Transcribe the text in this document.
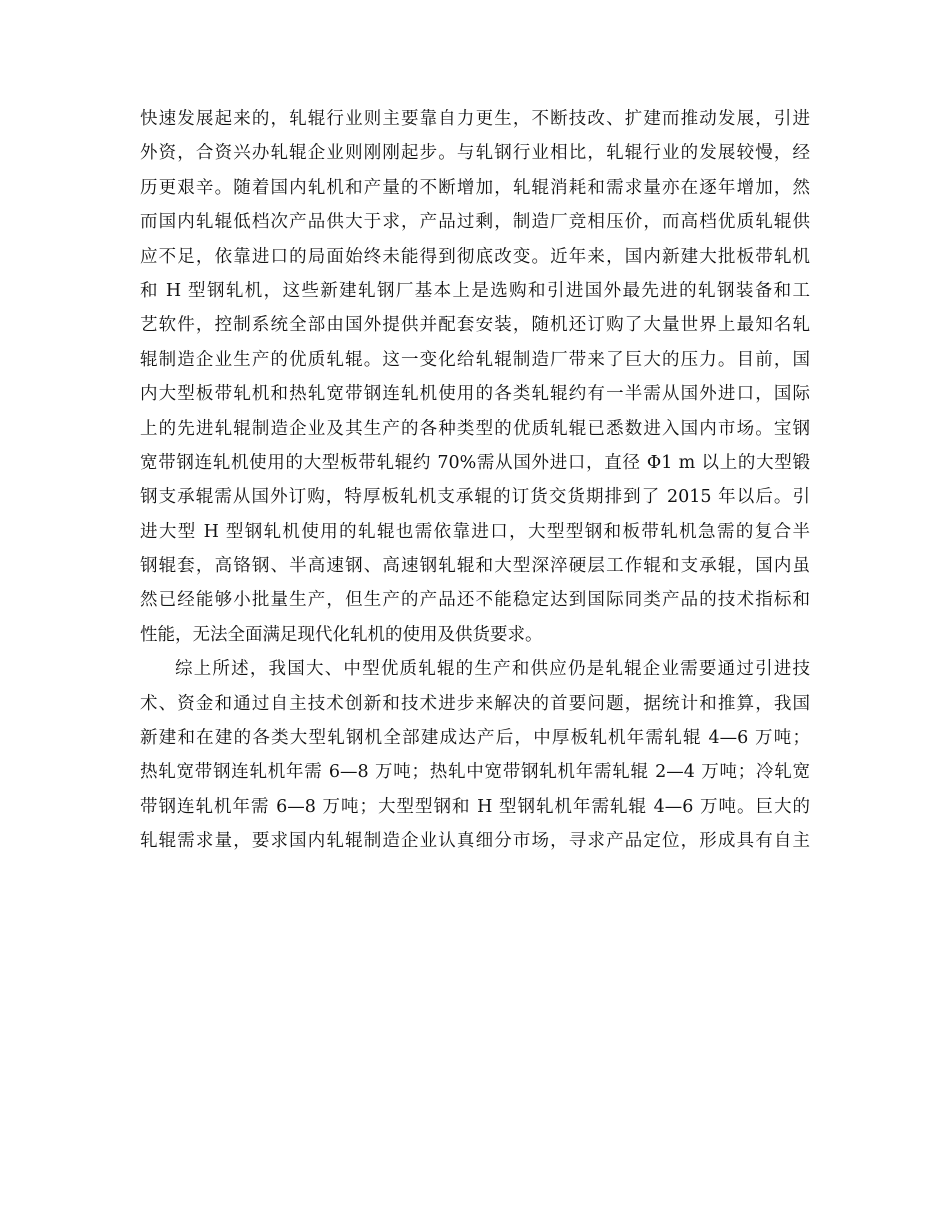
快速发展起来的，轧辊行业则主要靠自力更生，不断技改、扩建而推动发展，引进
外资，合资兴办轧辊企业则刚刚起步。与轧钢行业相比，轧辊行业的发展较慢，经
历更艰辛。随着国内轧机和产量的不断增加，轧辊消耗和需求量亦在逐年增加，然
而国内轧辊低档次产品供大于求，产品过剩，制造厂竞相压价，而高档优质轧辊供
应不足，依靠进口的局面始终未能得到彻底改变。近年来，国内新建大批板带轧机
和 H 型钢轧机，这些新建轧钢厂基本上是选购和引进国外最先进的轧钢装备和工
艺软件，控制系统全部由国外提供并配套安装，随机还订购了大量世界上最知名轧
辊制造企业生产的优质轧辊。这一变化给轧辊制造厂带来了巨大的压力。目前，国
内大型板带轧机和热轧宽带钢连轧机使用的各类轧辊约有一半需从国外进口，国际
上的先进轧辊制造企业及其生产的各种类型的优质轧辊已悉数进入国内市场。宝钢
宽带钢连轧机使用的大型板带轧辊约 70%需从国外进口，直径 Φ1 m 以上的大型锻
钢支承辊需从国外订购，特厚板轧机支承辊的订货交货期排到了 2015 年以后。引
进大型 H 型钢轧机使用的轧辊也需依靠进口，大型型钢和板带轧机急需的复合半
钢辊套，高铬钢、半高速钢、高速钢轧辊和大型深淬硬层工作辊和支承辊，国内虽
然已经能够小批量生产，但生产的产品还不能稳定达到国际同类产品的技术指标和
性能，无法全面满足现代化轧机的使用及供货要求。
综上所述，我国大、中型优质轧辊的生产和供应仍是轧辊企业需要通过引进技
术、资金和通过自主技术创新和技术进步来解决的首要问题，据统计和推算，我国
新建和在建的各类大型轧钢机全部建成达产后，中厚板轧机年需轧辊 4—6 万吨；
热轧宽带钢连轧机年需 6—8 万吨；热轧中宽带钢轧机年需轧辊 2—4 万吨；冷轧宽
带钢连轧机年需 6—8 万吨；大型型钢和 H 型钢轧机年需轧辊 4—6 万吨。巨大的
轧辊需求量，要求国内轧辊制造企业认真细分市场，寻求产品定位，形成具有自主
